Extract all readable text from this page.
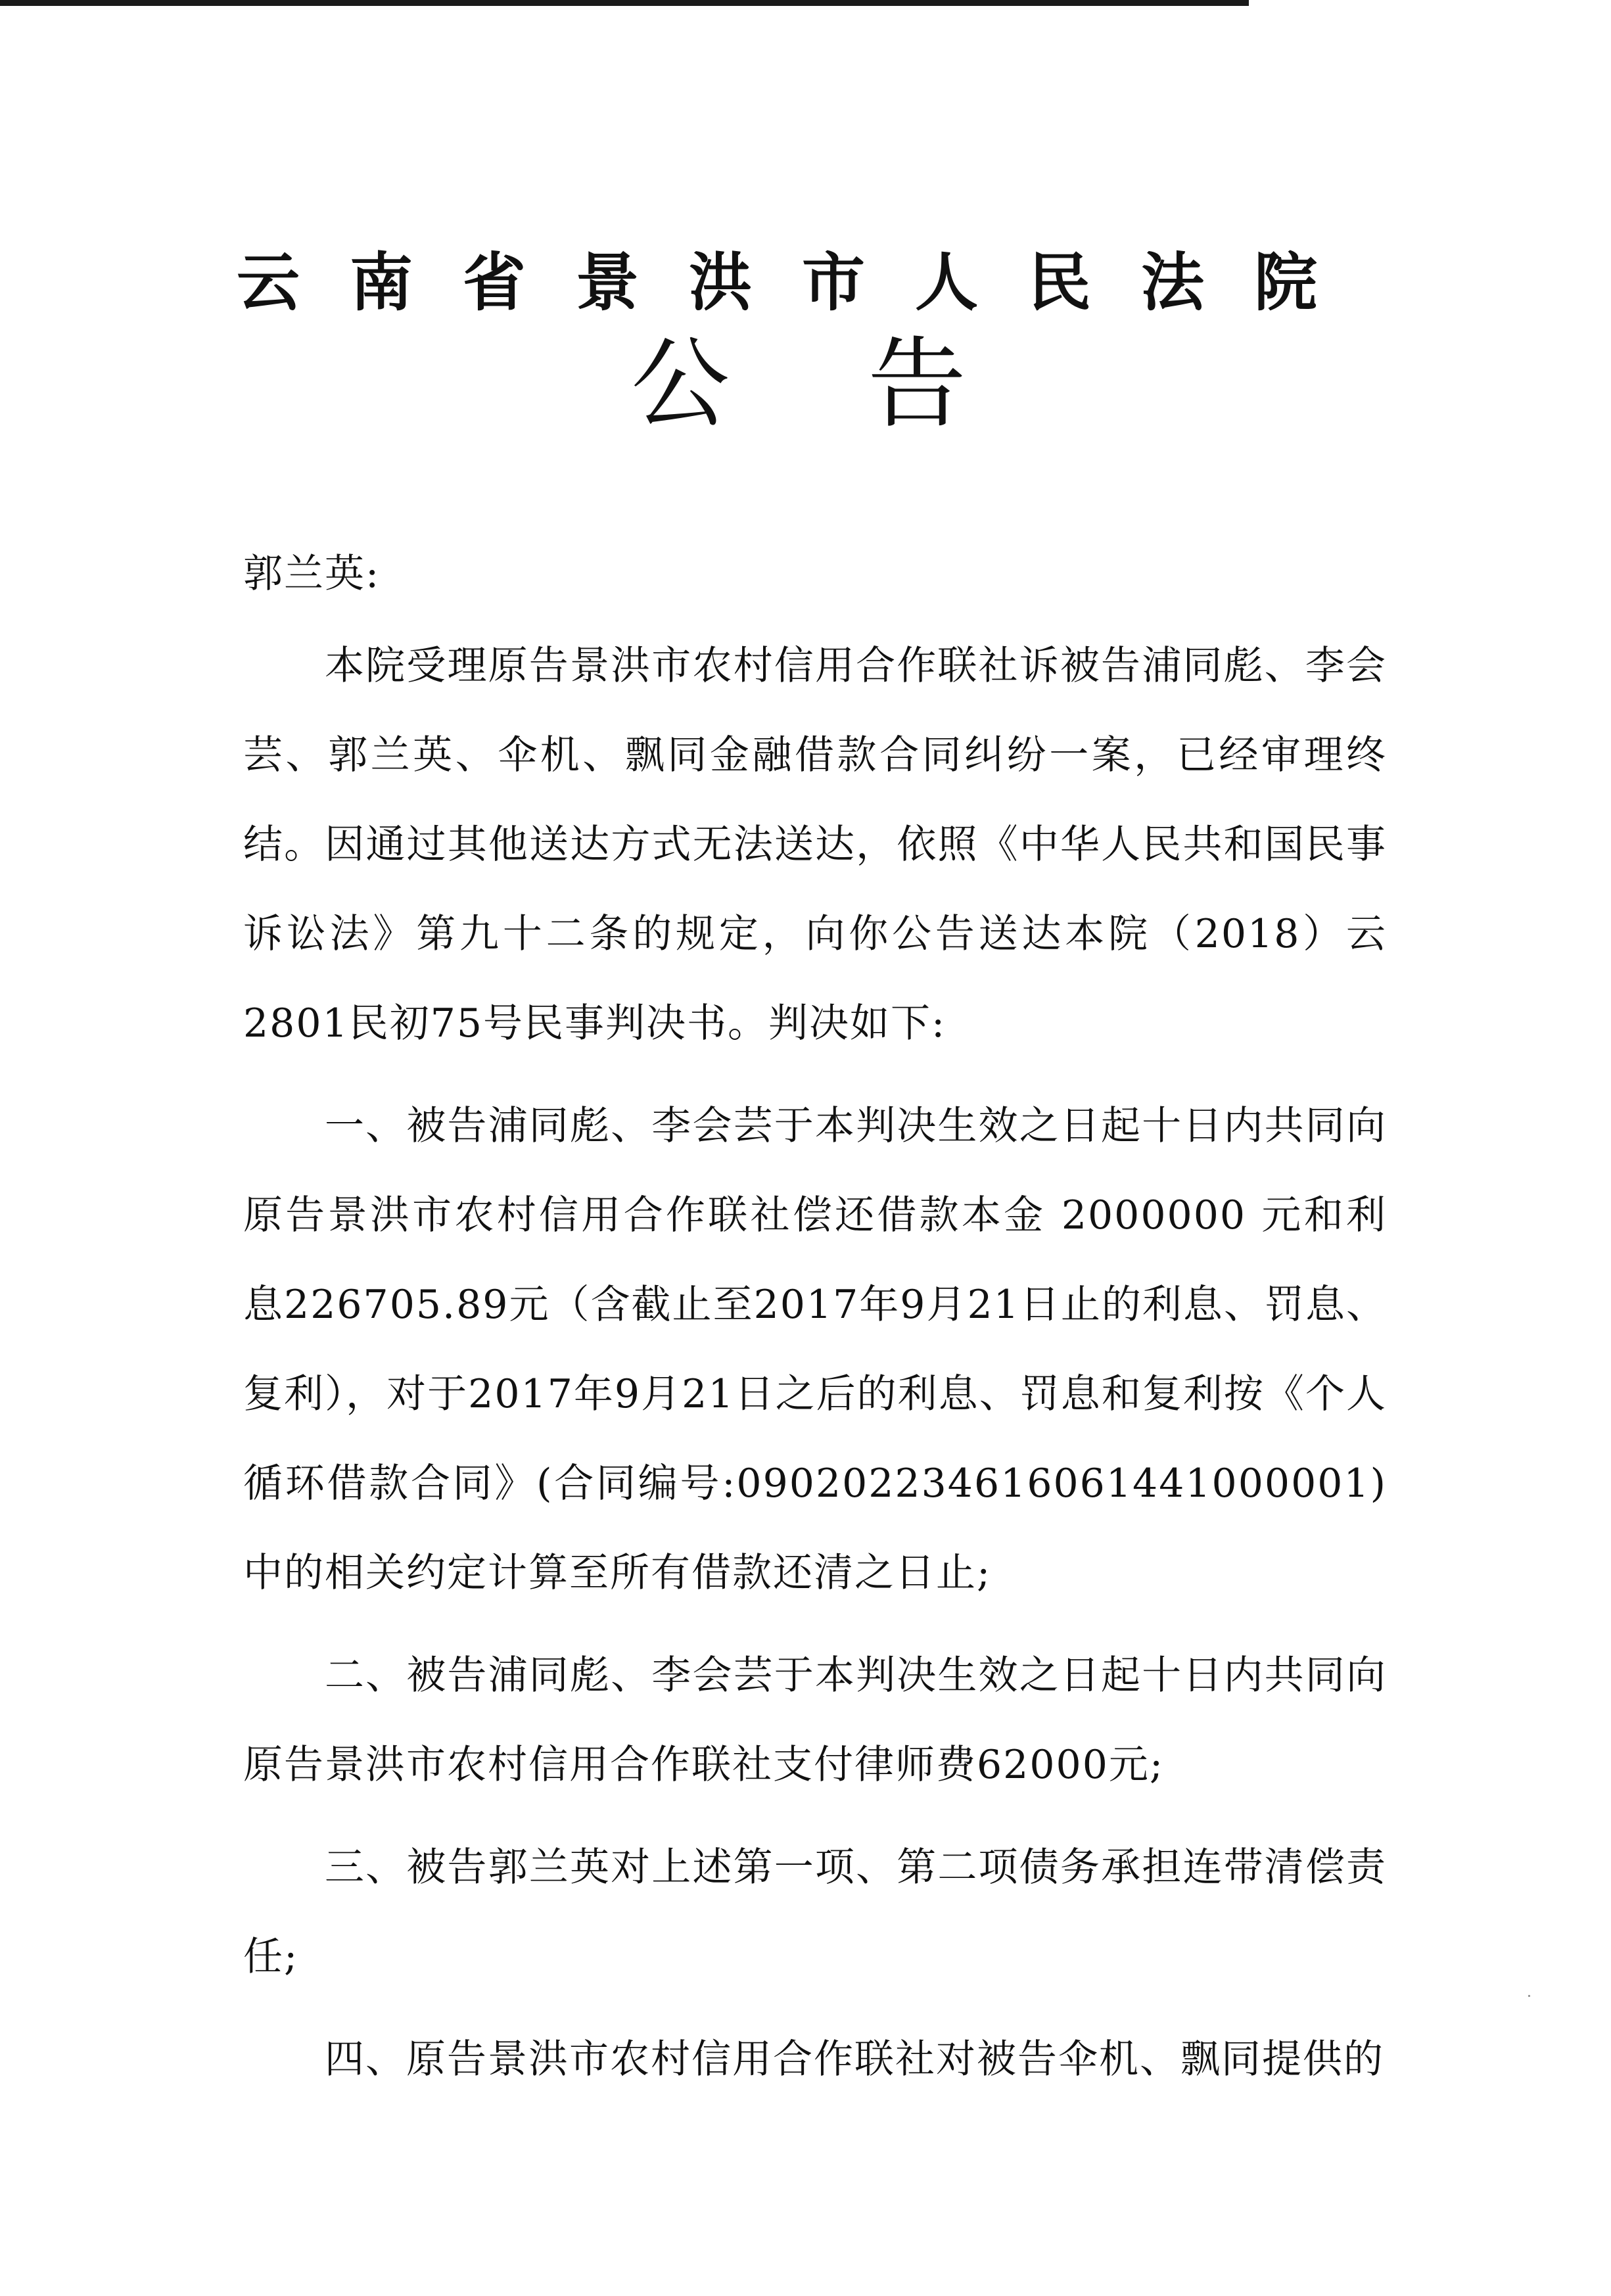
云南省景洪市人民法院
公告

郭兰英:

本院受理原告景洪市农村信用合作联社诉被告浦同彪、李会芸、郭兰英、伞机、飘同金融借款合同纠纷一案，已经审理终结。因通过其他送达方式无法送达，依照《中华人民共和国民事诉讼法》第九十二条的规定，向你公告送达本院（2018）云2801民初75号民事判决书。判决如下:

一、被告浦同彪、李会芸于本判决生效之日起十日内共同向原告景洪市农村信用合作联社偿还借款本金 2000000 元和利息226705.89元（含截止至2017年9月21日止的利息、罚息、复利），对于2017年9月21日之后的利息、罚息和复利按《个人循环借款合同》(合同编号:090202234616061441000001)中的相关约定计算至所有借款还清之日止;

二、被告浦同彪、李会芸于本判决生效之日起十日内共同向原告景洪市农村信用合作联社支付律师费62000元;

三、被告郭兰英对上述第一项、第二项债务承担连带清偿责任;

四、原告景洪市农村信用合作联社对被告伞机、飘同提供的
